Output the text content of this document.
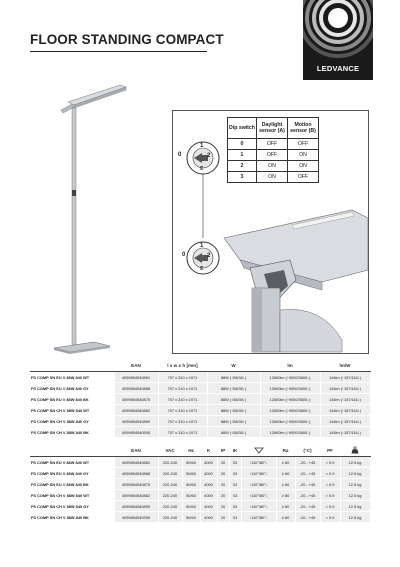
FLOOR STANDING COMPACT
LEDVANCE
0
1
2
3
0
1
2
3
Dip switch	Daylight sensor (A)	Motion sensor (B)
0	OFF	OFF
1	OFF	ON
2	ON	ON
3	ON	OFF
	EAN	l x w x h [mm]	W	lm	lm/W
FS COMP SN EU V 88W 840 WT	4099854540851	707 x 310 x 1971	88W (↑58/30↓)	12600lm (↑9000/3600↓)	144lm (↑157/116↓)
FS COMP SN EU V 88W 840 GY	4099854540868	707 x 310 x 1971	88W (↑58/30↓)	12600lm (↑9000/3600↓)	144lm (↑157/116↓)
FS COMP SN EU V 88W 840 BK	4099854540875	707 x 310 x 1971	88W (↑58/30↓)	12600lm (↑9000/3600↓)	144lm (↑157/116↓)
FS COMP SN CH V 88W 840 WT	4099854540882	707 x 310 x 1971	88W (↑58/30↓)	12600lm (↑9000/3600↓)	144lm (↑157/116↓)
FS COMP SN CH V 88W 840 GY	4099854540899	707 x 310 x 1971	88W (↑58/30↓)	12600lm (↑9000/3600↓)	144lm (↑157/116↓)
FS COMP SN CH V 88W 840 BK	4099854540905	707 x 310 x 1971	88W (↑58/30↓)	12600lm (↑9000/3600↓)	144lm (↑157/116↓)
	EAN	VAC	Hz	K	IP	IK		Ra	(°C)	PF	
FS COMP SN EU V 88W 840 WT	4099854540851	220-240	50/60	4000	20	03	↑110°/80°↓	≥ 80	-20...+45	> 0.9	12.5 kg
FS COMP SN EU V 88W 840 GY	4099854540868	220-240	50/60	4000	20	03	↑110°/80°↓	≥ 80	-20...+45	> 0.9	12.5 kg
FS COMP SN EU V 88W 840 BK	4099854540875	220-240	50/60	4000	20	03	↑110°/80°↓	≥ 80	-20...+45	> 0.9	12.5 kg
FS COMP SN CH V 88W 840 WT	4099854540882	220-240	50/60	4000	20	03	↑110°/80°↓	≥ 80	-20...+45	> 0.9	12.5 kg
FS COMP SN CH V 88W 840 GY	4099854540899	220-240	50/60	4000	20	03	↑110°/80°↓	≥ 80	-20...+45	> 0.9	12.5 kg
FS COMP SN CH V 88W 840 BK	4099854540905	220-240	50/60	4000	20	03	↑110°/80°↓	≥ 80	-20...+45	> 0.9	12.5 kg
